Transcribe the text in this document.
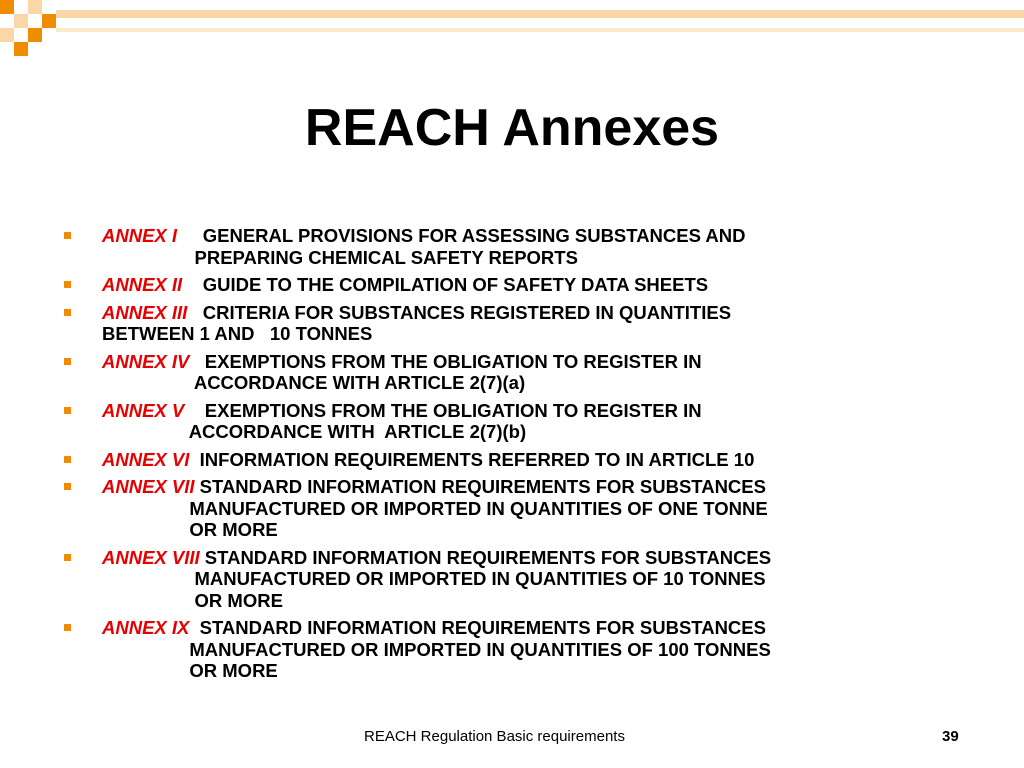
REACH Annexes
ANNEX I     GENERAL PROVISIONS FOR ASSESSING SUBSTANCES AND
PREPARING CHEMICAL SAFETY REPORTS
ANNEX II    GUIDE TO THE COMPILATION OF SAFETY DATA SHEETS
ANNEX III   CRITERIA FOR SUBSTANCES REGISTERED IN QUANTITIES
BETWEEN 1 AND   10 TONNES
ANNEX IV   EXEMPTIONS FROM THE OBLIGATION TO REGISTER IN
ACCORDANCE WITH ARTICLE 2(7)(a)
ANNEX V    EXEMPTIONS FROM THE OBLIGATION TO REGISTER IN
ACCORDANCE WITH  ARTICLE 2(7)(b)
ANNEX VI  INFORMATION REQUIREMENTS REFERRED TO IN ARTICLE 10
ANNEX VII STANDARD INFORMATION REQUIREMENTS FOR SUBSTANCES
MANUFACTURED OR IMPORTED IN QUANTITIES OF ONE TONNE
OR MORE
ANNEX VIII STANDARD INFORMATION REQUIREMENTS FOR SUBSTANCES
MANUFACTURED OR IMPORTED IN QUANTITIES OF 10 TONNES
OR MORE
ANNEX IX  STANDARD INFORMATION REQUIREMENTS FOR SUBSTANCES
MANUFACTURED OR IMPORTED IN QUANTITIES OF 100 TONNES
OR MORE
REACH Regulation Basic requirements	39
